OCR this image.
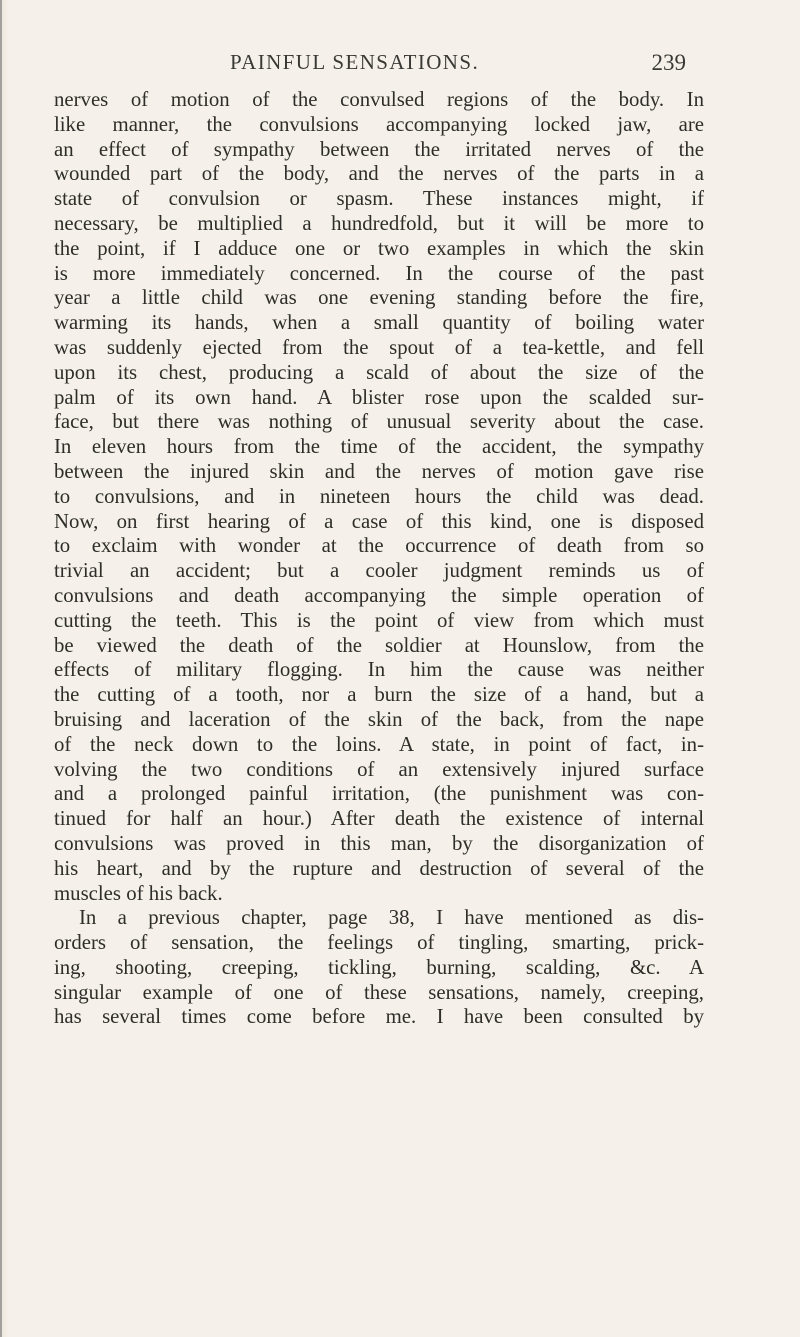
PAINFUL SENSATIONS.	239
nerves of motion of the convulsed regions of the body. In
like manner, the convulsions accompanying locked jaw, are
an effect of sympathy between the irritated nerves of the
wounded part of the body, and the nerves of the parts in a
state of convulsion or spasm. These instances might, if
necessary, be multiplied a hundredfold, but it will be more to
the point, if I adduce one or two examples in which the skin
is more immediately concerned. In the course of the past
year a little child was one evening standing before the fire,
warming its hands, when a small quantity of boiling water
was suddenly ejected from the spout of a tea-kettle, and fell
upon its chest, producing a scald of about the size of the
palm of its own hand. A blister rose upon the scalded sur-
face, but there was nothing of unusual severity about the case.
In eleven hours from the time of the accident, the sympathy
between the injured skin and the nerves of motion gave rise
to convulsions, and in nineteen hours the child was dead.
Now, on first hearing of a case of this kind, one is disposed
to exclaim with wonder at the occurrence of death from so
trivial an accident; but a cooler judgment reminds us of
convulsions and death accompanying the simple operation of
cutting the teeth. This is the point of view from which must
be viewed the death of the soldier at Hounslow, from the
effects of military flogging. In him the cause was neither
the cutting of a tooth, nor a burn the size of a hand, but a
bruising and laceration of the skin of the back, from the nape
of the neck down to the loins. A state, in point of fact, in-
volving the two conditions of an extensively injured surface
and a prolonged painful irritation, (the punishment was con-
tinued for half an hour.) After death the existence of internal
convulsions was proved in this man, by the disorganization of
his heart, and by the rupture and destruction of several of the
muscles of his back.
In a previous chapter, page 38, I have mentioned as dis-
orders of sensation, the feelings of tingling, smarting, prick-
ing, shooting, creeping, tickling, burning, scalding, &c. A
singular example of one of these sensations, namely, creeping,
has several times come before me. I have been consulted by
